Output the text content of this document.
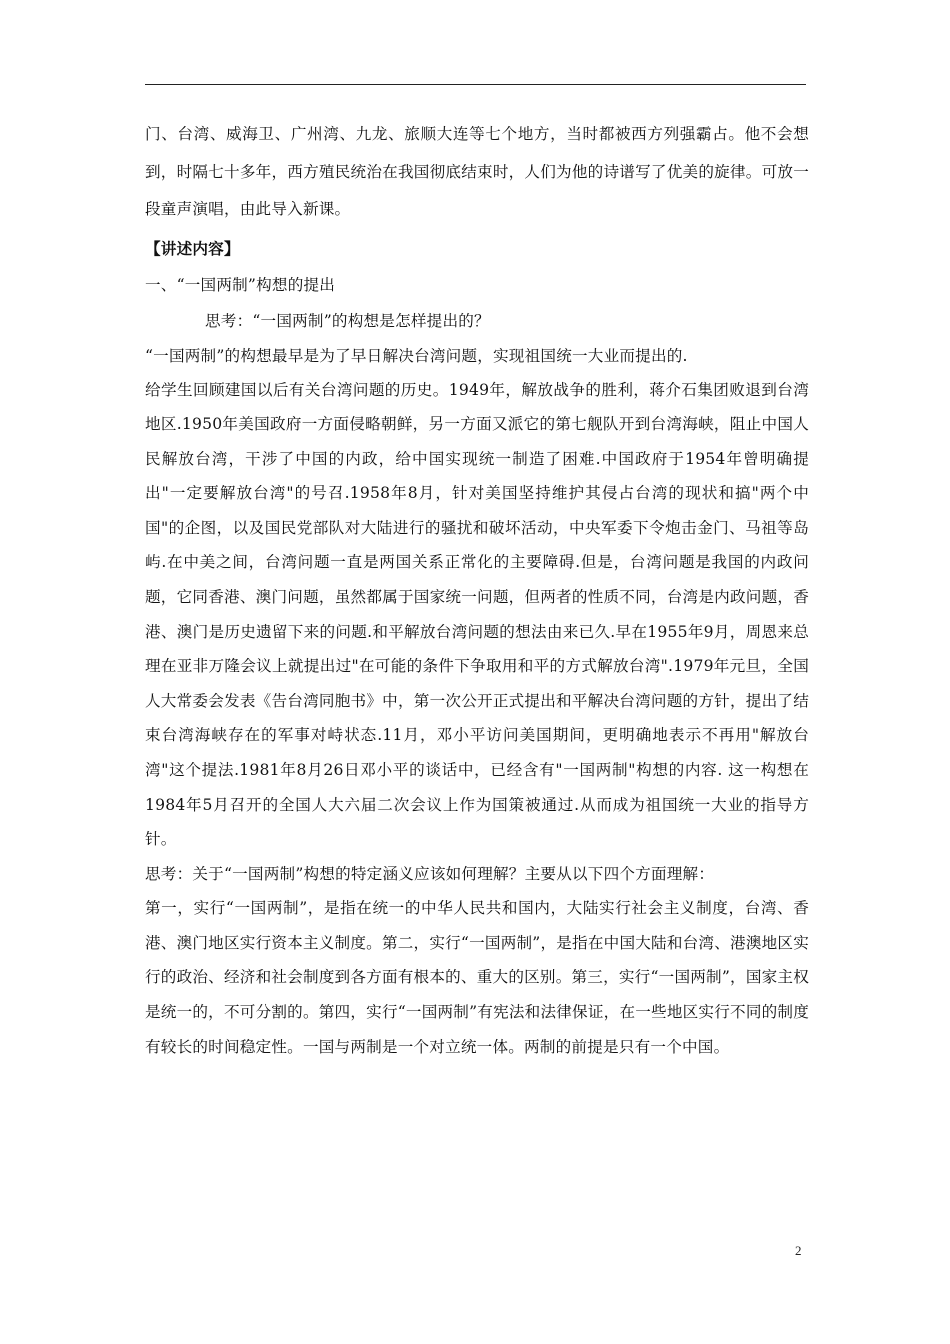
门、台湾、威海卫、广州湾、九龙、旅顺大连等七个地方，当时都被西方列强霸占。他不会想到，时隔七十多年，西方殖民统治在我国彻底结束时，人们为他的诗谱写了优美的旋律。可放一段童声演唱，由此导入新课。

【讲述内容】

一、“一国两制”构想的提出

思考：“一国两制”的构想是怎样提出的？

“一国两制”的构想最早是为了早日解决台湾问题，实现祖国统一大业而提出的.

给学生回顾建国以后有关台湾问题的历史。1949年，解放战争的胜利，蒋介石集团败退到台湾地区.1950年美国政府一方面侵略朝鲜，另一方面又派它的第七舰队开到台湾海峡，阻止中国人民解放台湾，干涉了中国的内政，给中国实现统一制造了困难.中国政府于1954年曾明确提出"一定要解放台湾"的号召.1958年8月，针对美国坚持维护其侵占台湾的现状和搞"两个中国"的企图，以及国民党部队对大陆进行的骚扰和破坏活动，中央军委下令炮击金门、马祖等岛屿.在中美之间，台湾问题一直是两国关系正常化的主要障碍.但是，台湾问题是我国的内政问题，它同香港、澳门问题，虽然都属于国家统一问题，但两者的性质不同，台湾是内政问题，香港、澳门是历史遗留下来的问题.和平解放台湾问题的想法由来已久.早在1955年9月，周恩来总理在亚非万隆会议上就提出过"在可能的条件下争取用和平的方式解放台湾".1979年元旦，全国人大常委会发表《告台湾同胞书》中，第一次公开正式提出和平解决台湾问题的方针，提出了结束台湾海峡存在的军事对峙状态.11月，邓小平访问美国期间，更明确地表示不再用"解放台湾"这个提法.1981年8月26日邓小平的谈话中，已经含有"一国两制"构想的内容. 这一构想在1984年5月召开的全国人大六届二次会议上作为国策被通过.从而成为祖国统一大业的指导方针。

思考：关于“一国两制”构想的特定涵义应该如何理解？主要从以下四个方面理解：

第一，实行“一国两制”，是指在统一的中华人民共和国内，大陆实行社会主义制度，台湾、香港、澳门地区实行资本主义制度。第二，实行“一国两制”，是指在中国大陆和台湾、港澳地区实行的政治、经济和社会制度到各方面有根本的、重大的区别。第三，实行“一国两制”，国家主权是统一的，不可分割的。第四，实行“一国两制”有宪法和法律保证，在一些地区实行不同的制度有较长的时间稳定性。一国与两制是一个对立统一体。两制的前提是只有一个中国。

2
